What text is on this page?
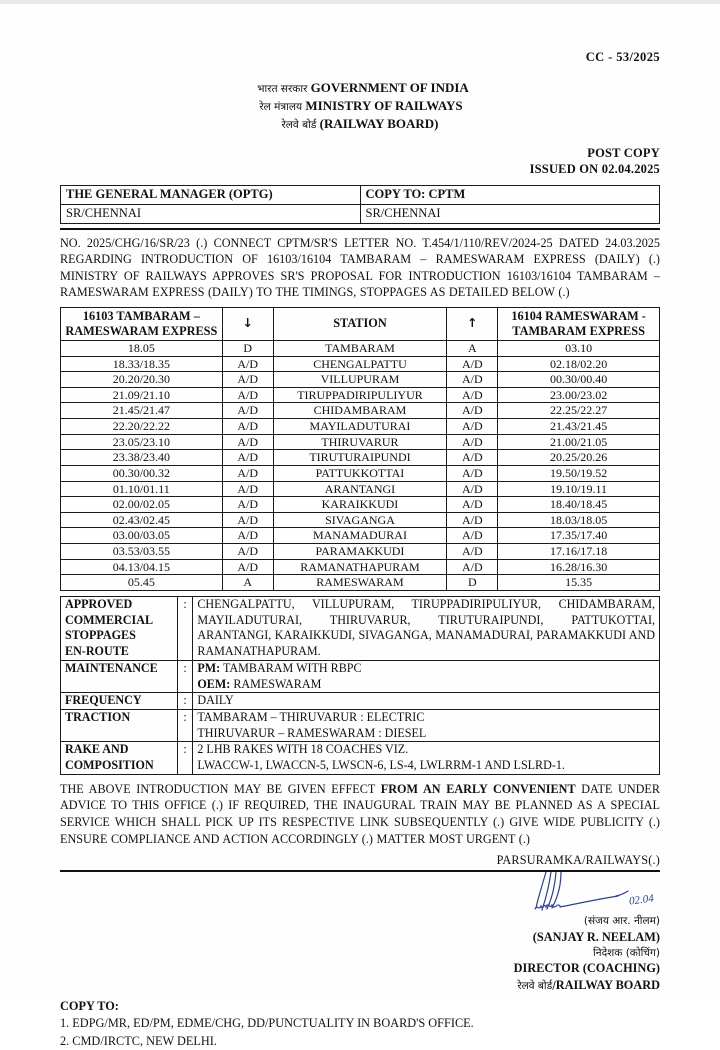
CC - 53/2025
भारत सरकार GOVERNMENT OF INDIA
रेल मंत्रालय MINISTRY OF RAILWAYS
रेलवे बोर्ड (RAILWAY BOARD)
POST COPY
ISSUED ON 02.04.2025
THE GENERAL MANAGER (OPTG)	COPY TO: CPTM
SR/CHENNAI	SR/CHENNAI

NO. 2025/CHG/16/SR/23 (.) CONNECT CPTM/SR'S LETTER NO. T.454/1/110/REV/2024-25 DATED 24.03.2025 REGARDING INTRODUCTION OF 16103/16104 TAMBARAM – RAMESWARAM EXPRESS (DAILY) (.) MINISTRY OF RAILWAYS APPROVES SR'S PROPOSAL FOR INTRODUCTION 16103/16104 TAMBARAM – RAMESWARAM EXPRESS (DAILY) TO THE TIMINGS, STOPPAGES AS DETAILED BELOW (.)

16103 TAMBARAM – RAMESWARAM EXPRESS	↓	STATION	↑	16104 RAMESWARAM - TAMBARAM EXPRESS
18.05	D	TAMBARAM	A	03.10
18.33/18.35	A/D	CHENGALPATTU	A/D	02.18/02.20
20.20/20.30	A/D	VILLUPURAM	A/D	00.30/00.40
21.09/21.10	A/D	TIRUPPADIRIPULIYUR	A/D	23.00/23.02
21.45/21.47	A/D	CHIDAMBARAM	A/D	22.25/22.27
22.20/22.22	A/D	MAYILADUTURAI	A/D	21.43/21.45
23.05/23.10	A/D	THIRUVARUR	A/D	21.00/21.05
23.38/23.40	A/D	TIRUTURAIPUNDI	A/D	20.25/20.26
00.30/00.32	A/D	PATTUKKOTTAI	A/D	19.50/19.52
01.10/01.11	A/D	ARANTANGI	A/D	19.10/19.11
02.00/02.05	A/D	KARAIKKUDI	A/D	18.40/18.45
02.43/02.45	A/D	SIVAGANGA	A/D	18.03/18.05
03.00/03.05	A/D	MANAMADURAI	A/D	17.35/17.40
03.53/03.55	A/D	PARAMAKKUDI	A/D	17.16/17.18
04.13/04.15	A/D	RAMANATHAPURAM	A/D	16.28/16.30
05.45	A	RAMESWARAM	D	15.35
APPROVED
COMMERCIAL
STOPPAGES
EN-ROUTE	:	CHENGALPATTU, VILLUPURAM, TIRUPPADIRIPULIYUR, CHIDAMBARAM, MAYILADUTURAI, THIRUVARUR, TIRUTURAIPUNDI, PATTUKOTTAI, ARANTANGI, KARAIKKUDI, SIVAGANGA, MANAMADURAI, PARAMAKKUDI AND RAMANATHAPURAM.
MAINTENANCE	:	PM: TAMBARAM WITH RBPC
OEM: RAMESWARAM

FREQUENCY	:	DAILY
TRACTION	:	TAMBARAM – THIRUVARUR : ELECTRIC
THIRUVARUR – RAMESWARAM : DIESEL

RAKE AND
COMPOSITION
	:	2 LHB RAKES WITH 18 COACHES VIZ.
LWACCW-1, LWACCN-5, LWSCN-6, LS-4, LWLRRM-1 AND LSLRD-1.

THE ABOVE INTRODUCTION MAY BE GIVEN EFFECT FROM AN EARLY CONVENIENT DATE UNDER ADVICE TO THIS OFFICE (.) IF REQUIRED, THE INAUGURAL TRAIN MAY BE PLANNED AS A SPECIAL SERVICE WHICH SHALL PICK UP ITS RESPECTIVE LINK SUBSEQUENTLY (.) GIVE WIDE PUBLICITY (.) ENSURE COMPLIANCE AND ACTION ACCORDINGLY (.) MATTER MOST URGENT (.)

PARSURAMKA/RAILWAYS(.)
02.04
(संजय आर. नीलम)
(SANJAY R. NEELAM)
निदेशक (कोचिंग)
DIRECTOR (COACHING)
रेलवे बोर्ड/RAILWAY BOARD
COPY TO:
1. EDPG/MR, ED/PM, EDME/CHG, DD/PUNCTUALITY IN BOARD'S OFFICE.
2. CMD/IRCTC, NEW DELHI.
